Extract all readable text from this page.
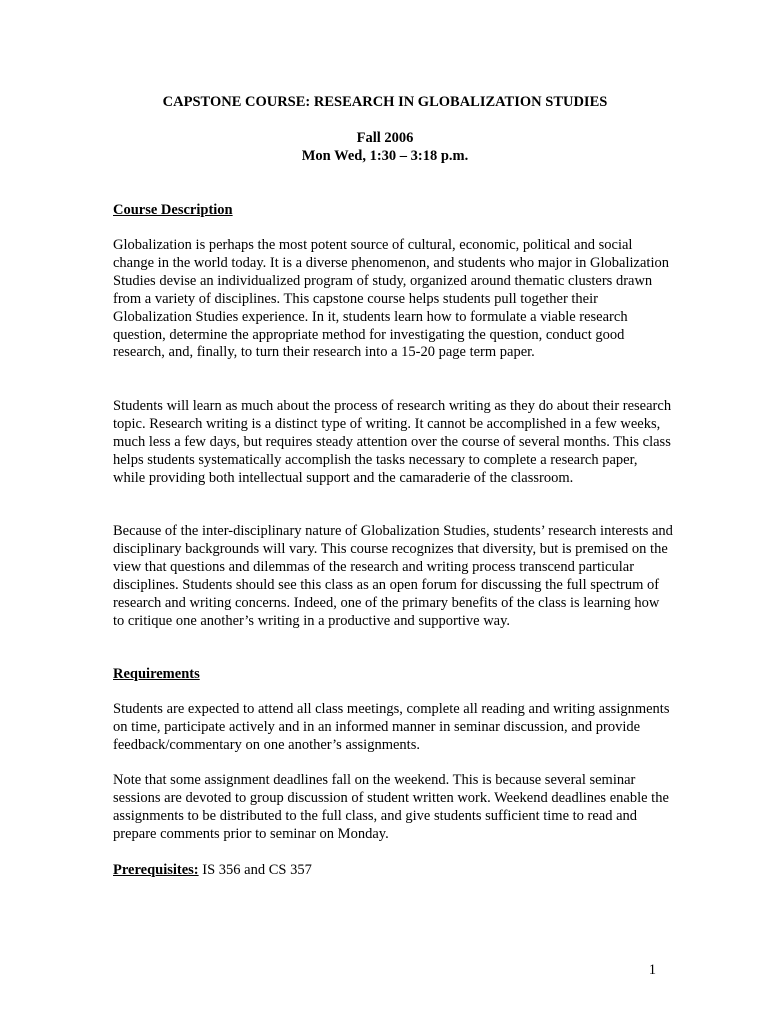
CAPSTONE COURSE: RESEARCH IN GLOBALIZATION STUDIES
Fall 2006
Mon Wed, 1:30 – 3:18 p.m.
Course Description

Globalization is perhaps the most potent source of cultural, economic, political and social change in the world today. It is a diverse phenomenon, and students who major in Globalization Studies devise an individualized program of study, organized around thematic clusters drawn from a variety of disciplines. This capstone course helps students pull together their Globalization Studies experience. In it, students learn how to formulate a viable research question, determine the appropriate method for investigating the question, conduct good research, and, finally, to turn their research into a 15-20 page term paper.

Students will learn as much about the process of research writing as they do about their research topic. Research writing is a distinct type of writing. It cannot be accomplished in a few weeks, much less a few days, but requires steady attention over the course of several months. This class helps students systematically accomplish the tasks necessary to complete a research paper, while providing both intellectual support and the camaraderie of the classroom.

Because of the inter-disciplinary nature of Globalization Studies, students’ research interests and disciplinary backgrounds will vary. This course recognizes that diversity, but is premised on the view that questions and dilemmas of the research and writing process transcend particular disciplines. Students should see this class as an open forum for discussing the full spectrum of research and writing concerns. Indeed, one of the primary benefits of the class is learning how to critique one another’s writing in a productive and supportive way.

Requirements

Students are expected to attend all class meetings, complete all reading and writing assignments on time, participate actively and in an informed manner in seminar discussion, and provide feedback/commentary on one another’s assignments.

Note that some assignment deadlines fall on the weekend. This is because several seminar sessions are devoted to group discussion of student written work. Weekend deadlines enable the assignments to be distributed to the full class, and give students sufficient time to read and prepare comments prior to seminar on Monday.

Prerequisites: IS 356 and CS 357
1
